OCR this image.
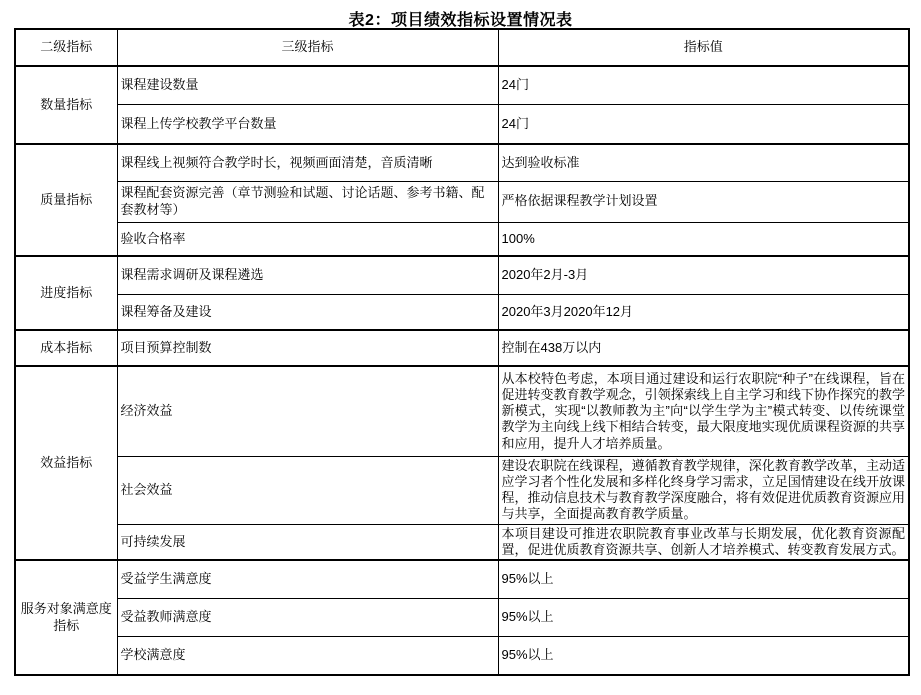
表2：项目绩效指标设置情况表
二级指标	三级指标	指标值
数量指标	课程建设数量	24门
	课程上传学校教学平台数量	24门
质量指标	课程线上视频符合教学时长，视频画面清楚，音质清晰	达到验收标准
	课程配套资源完善（章节测验和试题、讨论话题、参考书籍、配套教材等）	严格依据课程教学计划设置
	验收合格率	100%
进度指标	课程需求调研及课程遴选	2020年2月-3月
	课程筹备及建设	2020年3月2020年12月
成本指标	项目预算控制数	控制在438万以内
效益指标	经济效益	从本校特色考虑，本项目通过建设和运行农职院“种子”在线课程，旨在促进转变教育教学观念，引领探索线上自主学习和线下协作探究的教学新模式，实现“以教师教为主”向“以学生学为主”模式转变、以传统课堂教学为主向线上线下相结合转变，最大限度地实现优质课程资源的共享和应用，提升人才培养质量。
	社会效益	建设农职院在线课程，遵循教育教学规律，深化教育教学改革，主动适应学习者个性化发展和多样化终身学习需求，立足国情建设在线开放课程，推动信息技术与教育教学深度融合，将有效促进优质教育资源应用与共享，全面提高教育教学质量。
	可持续发展	本项目建设可推进农职院教育事业改革与长期发展，优化教育资源配置，促进优质教育资源共享、创新人才培养模式、转变教育发展方式。
服务对象满意度指标	受益学生满意度	95%以上
	受益教师满意度	95%以上
	学校满意度	95%以上
